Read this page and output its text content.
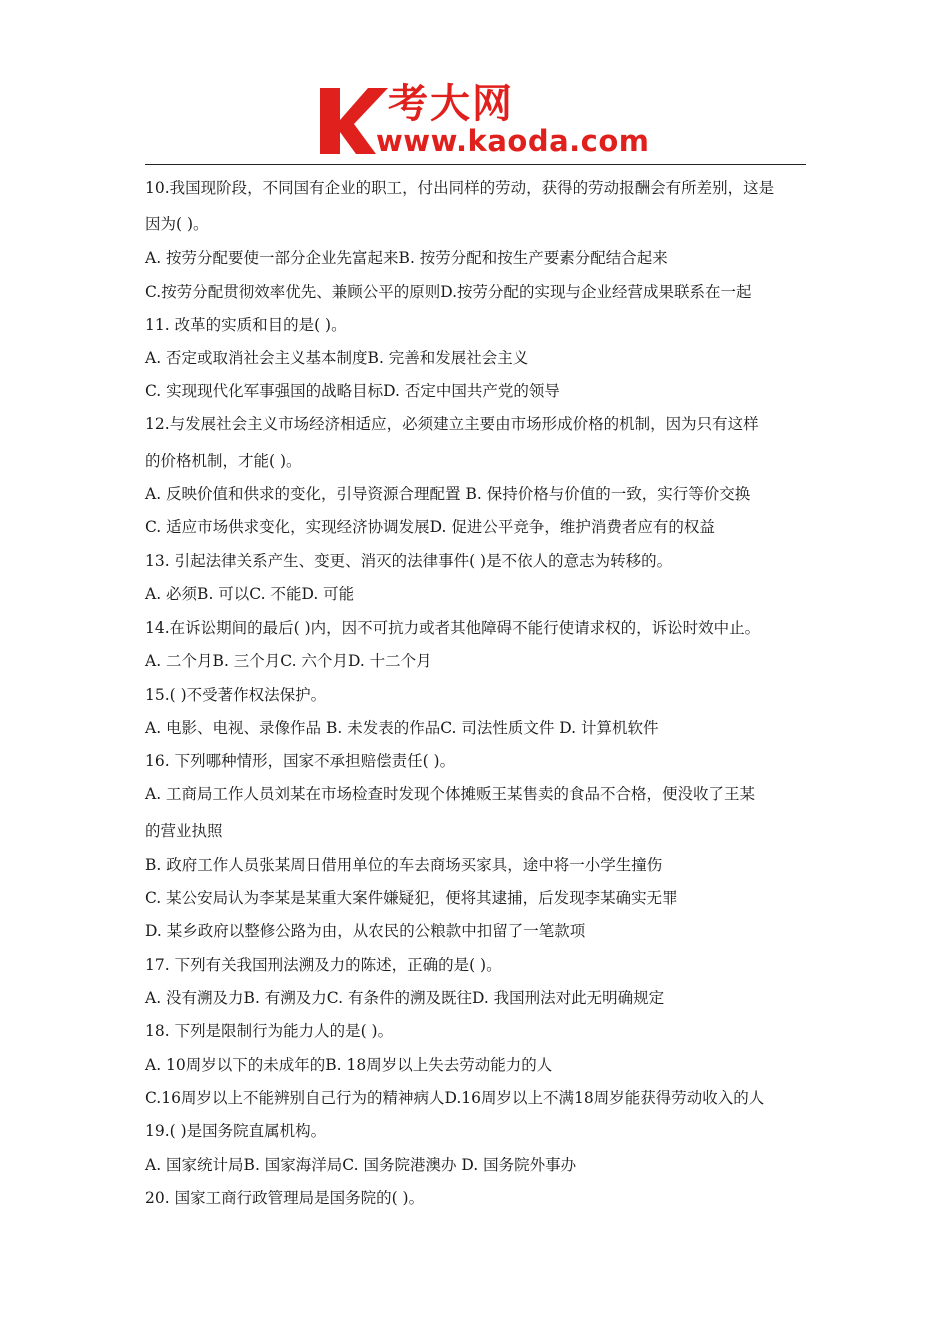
考大网
www.kaoda.com
10.我国现阶段，不同国有企业的职工，付出同样的劳动，获得的劳动报酬会有所差别，这是
因为( )。
A. 按劳分配要使一部分企业先富起来B. 按劳分配和按生产要素分配结合起来
C.按劳分配贯彻效率优先、兼顾公平的原则D.按劳分配的实现与企业经营成果联系在一起
11. 改革的实质和目的是( )。
A. 否定或取消社会主义基本制度B. 完善和发展社会主义
C. 实现现代化军事强国的战略目标D. 否定中国共产党的领导
12.与发展社会主义市场经济相适应，必须建立主要由市场形成价格的机制，因为只有这样
的价格机制，才能( )。
A. 反映价值和供求的变化，引导资源合理配置 B. 保持价格与价值的一致，实行等价交换
C. 适应市场供求变化，实现经济协调发展D. 促进公平竞争，维护消费者应有的权益
13. 引起法律关系产生、变更、消灭的法律事件( )是不依人的意志为转移的。
A. 必须B. 可以C. 不能D. 可能
14.在诉讼期间的最后( )内，因不可抗力或者其他障碍不能行使请求权的，诉讼时效中止。
A. 二个月B. 三个月C. 六个月D. 十二个月
15.( )不受著作权法保护。
A. 电影、电视、录像作品 B. 未发表的作品C. 司法性质文件 D. 计算机软件
16. 下列哪种情形，国家不承担赔偿责任( )。
A. 工商局工作人员刘某在市场检查时发现个体摊贩王某售卖的食品不合格，便没收了王某
的营业执照
B. 政府工作人员张某周日借用单位的车去商场买家具，途中将一小学生撞伤
C. 某公安局认为李某是某重大案件嫌疑犯，便将其逮捕，后发现李某确实无罪
D. 某乡政府以整修公路为由，从农民的公粮款中扣留了一笔款项
17. 下列有关我国刑法溯及力的陈述，正确的是( )。
A. 没有溯及力B. 有溯及力C. 有条件的溯及既往D. 我国刑法对此无明确规定
18. 下列是限制行为能力人的是( )。
A. 10周岁以下的未成年的B. 18周岁以上失去劳动能力的人
C.16周岁以上不能辨别自己行为的精神病人D.16周岁以上不满18周岁能获得劳动收入的人
19.( )是国务院直属机构。
A. 国家统计局B. 国家海洋局C. 国务院港澳办 D. 国务院外事办
20. 国家工商行政管理局是国务院的( )。
